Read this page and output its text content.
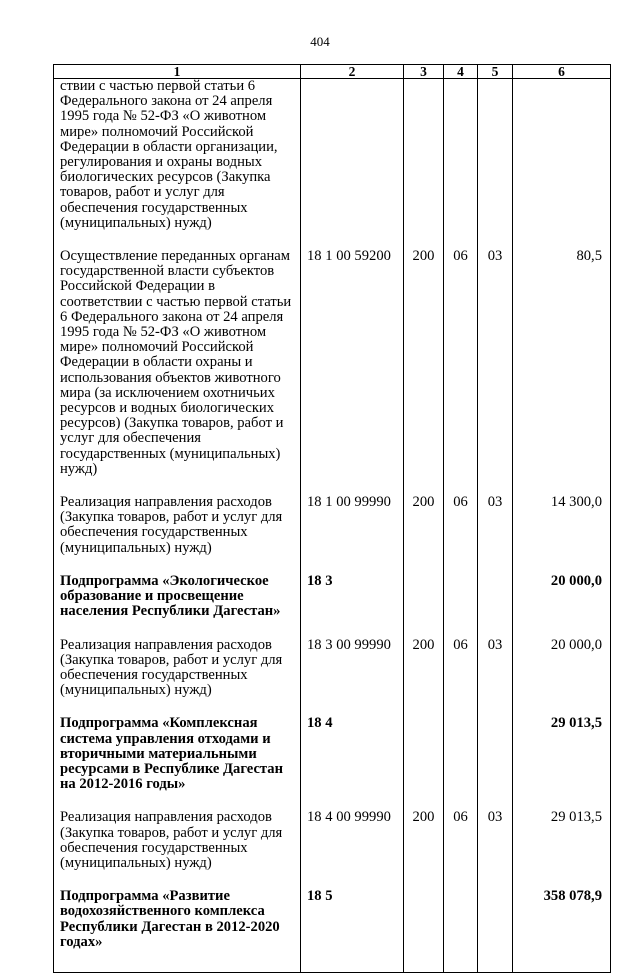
404
1	2	3	4	5	6
ствии с частью первой статьи 6 Федерального закона от 24 апреля 1995 года № 52-ФЗ «О животном мире» полномочий Российской Федерации в области организации, регулирования и охраны водных биологических ресурсов (Закупка товаров, работ и услуг для обеспечения государственных (муниципальных) нужд)					
Осуществление переданных органам государственной власти субъектов Российской Федерации в соответствии с частью первой статьи 6 Федерального закона от 24 апреля 1995 года № 52-ФЗ «О животном мире» полномочий Российской Федерации в области охраны и использования объектов животного мира (за исключением охотничьих ресурсов и водных биологических ресурсов) (Закупка товаров, работ и услуг для обеспечения государственных (муниципальных) нужд)	18 1 00 59200	200	06	03	80,5
Реализация направления расходов (Закупка товаров, работ и услуг для обеспечения государственных (муниципальных) нужд)	18 1 00 99990	200	06	03	14 300,0
Подпрограмма «Экологическое образование и просвещение населения Республики Дагестан»	18 3				20 000,0
Реализация направления расходов (Закупка товаров, работ и услуг для обеспечения государственных (муниципальных) нужд)	18 3 00 99990	200	06	03	20 000,0
Подпрограмма «Комплексная система управления отходами и вторичными материальными ресурсами в Республике Дагестан на 2012-2016 годы»	18 4				29 013,5
Реализация направления расходов (Закупка товаров, работ и услуг для обеспечения государственных (муниципальных) нужд)	18 4 00 99990	200	06	03	29 013,5
Подпрограмма «Развитие водохозяйственного комплекса Республики Дагестан в 2012-2020 годах»	18 5				358 078,9
